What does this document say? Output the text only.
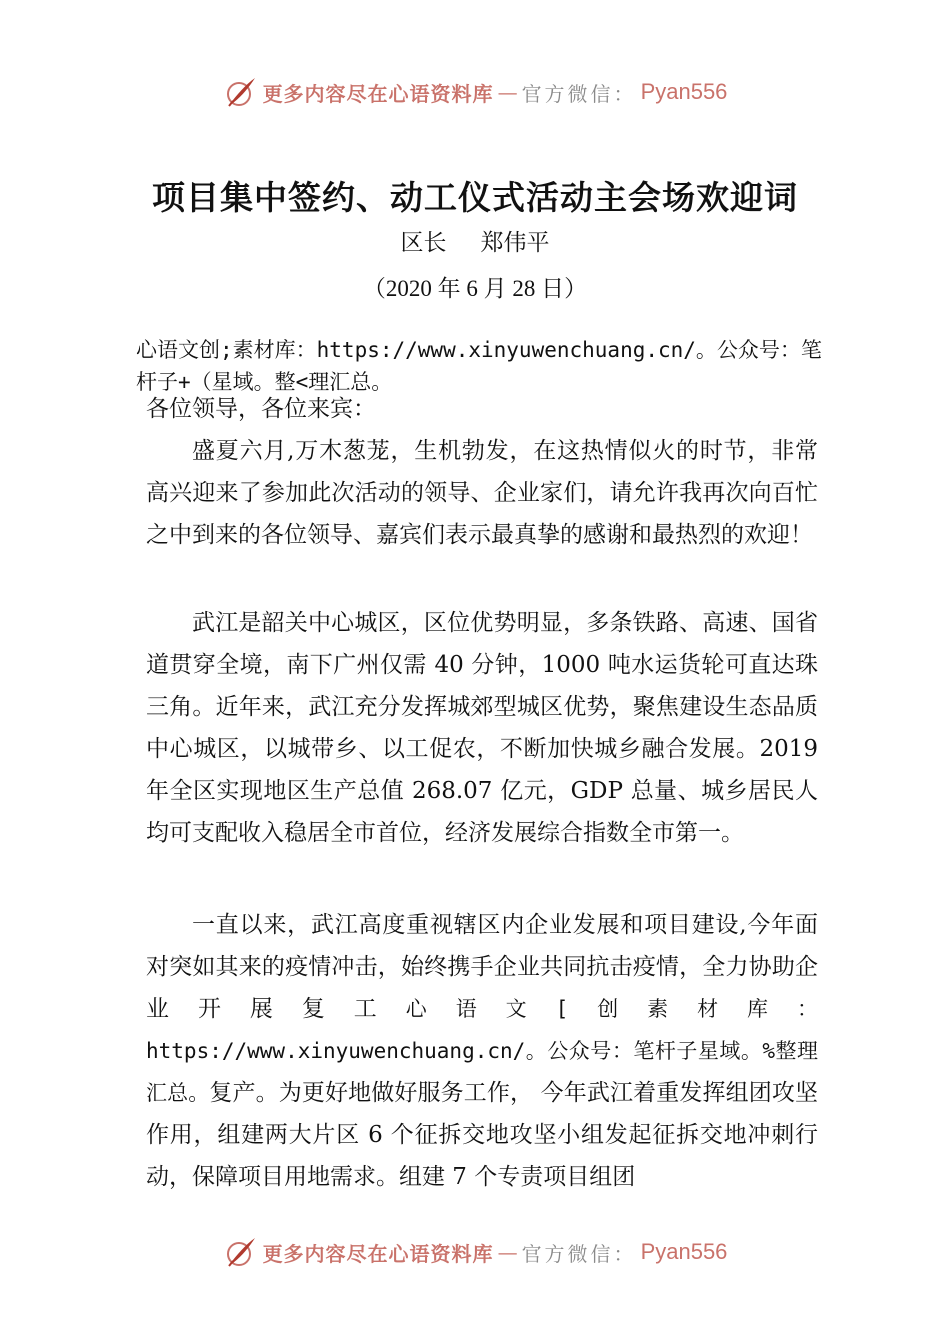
更多内容尽在心语资料库 — 官方微信： Pyan556
项目集中签约、动工仪式活动主会场欢迎词
区长 郑伟平
（2020 年 6 月 28 日）
心语文创;素材库：https://www.xinyuwenchuang.cn/。公众号：笔杆子+（星域。整<理汇总。
各位领导，各位来宾：

盛夏六月,万木葱茏，生机勃发，在这热情似火的时节，非常高兴迎来了参加此次活动的领导、企业家们，请允许我再次向百忙之中到来的各位领导、嘉宾们表示最真挚的感谢和最热烈的欢迎！

武江是韶关中心城区，区位优势明显，多条铁路、高速、国省道贯穿全境，南下广州仅需 40 分钟，1000 吨水运货轮可直达珠三角。近年来，武江充分发挥城郊型城区优势，聚焦建设生态品质中心城区，以城带乡、以工促农，不断加快城乡融合发展。2019 年全区实现地区生产总值 268.07 亿元，GDP 总量、城乡居民人均可支配收入稳居全市首位，经济发展综合指数全市第一。

一直以来，武江高度重视辖区内企业发展和项目建设,今年面对突如其来的疫情冲击，始终携手企业共同抗击疫情，全力协助企业开展复工心语文[创素材库：https://www.xinyuwenchuang.cn/。公众号：笔杆子星域。%整理汇总。复产。为更好地做好服务工作， 今年武江着重发挥组团攻坚作用，组建两大片区 6 个征拆交地攻坚小组发起征拆交地冲刺行动，保障项目用地需求。组建 7 个专责项目组团

更多内容尽在心语资料库 — 官方微信： Pyan556
